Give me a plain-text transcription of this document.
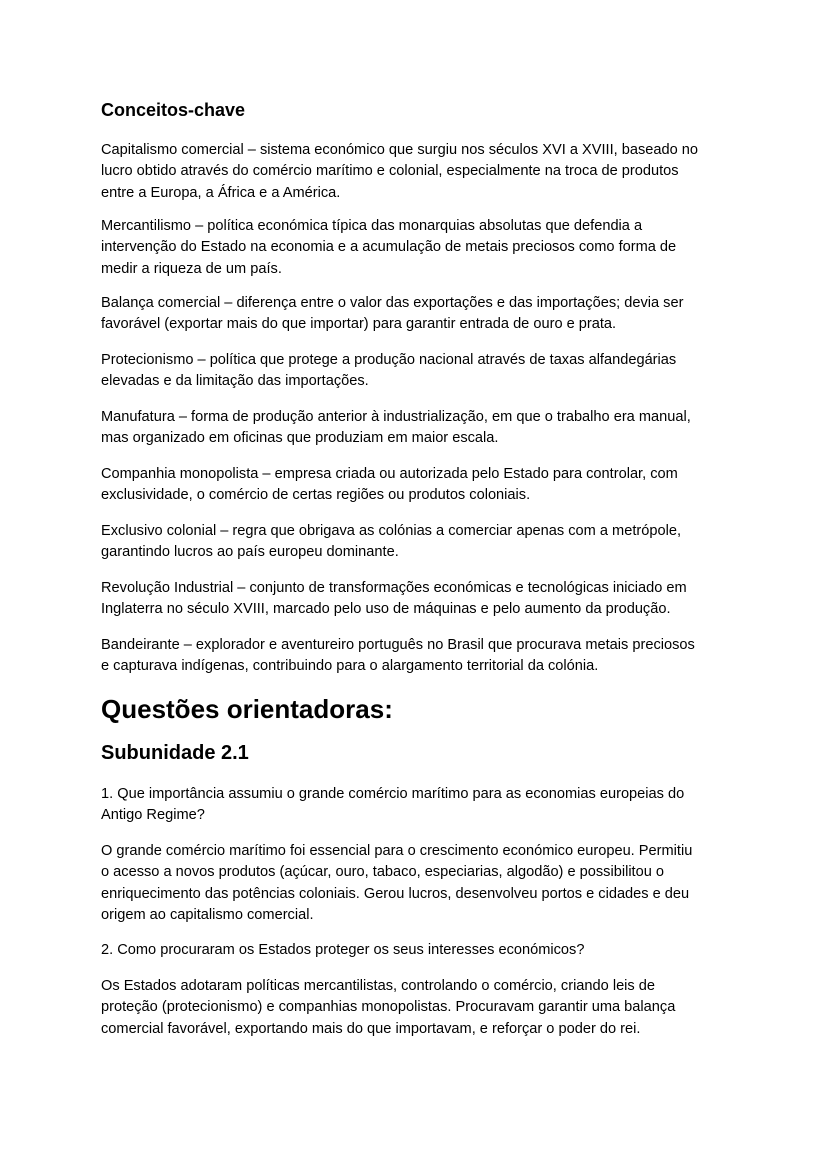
Conceitos-chave
Capitalismo comercial – sistema económico que surgiu nos séculos XVI a XVIII, baseado no
lucro obtido através do comércio marítimo e colonial, especialmente na troca de produtos
entre a Europa, a África e a América.
Mercantilismo – política económica típica das monarquias absolutas que defendia a
intervenção do Estado na economia e a acumulação de metais preciosos como forma de
medir a riqueza de um país.
Balança comercial – diferença entre o valor das exportações e das importações; devia ser
favorável (exportar mais do que importar) para garantir entrada de ouro e prata.
Protecionismo – política que protege a produção nacional através de taxas alfandegárias
elevadas e da limitação das importações.
Manufatura – forma de produção anterior à industrialização, em que o trabalho era manual,
mas organizado em oficinas que produziam em maior escala.
Companhia monopolista – empresa criada ou autorizada pelo Estado para controlar, com
exclusividade, o comércio de certas regiões ou produtos coloniais.
Exclusivo colonial – regra que obrigava as colónias a comerciar apenas com a metrópole,
garantindo lucros ao país europeu dominante.
Revolução Industrial – conjunto de transformações económicas e tecnológicas iniciado em
Inglaterra no século XVIII, marcado pelo uso de máquinas e pelo aumento da produção.
Bandeirante – explorador e aventureiro português no Brasil que procurava metais preciosos
e capturava indígenas, contribuindo para o alargamento territorial da colónia.
Questões orientadoras:
Subunidade 2.1
1. Que importância assumiu o grande comércio marítimo para as economias europeias do
Antigo Regime?
O grande comércio marítimo foi essencial para o crescimento económico europeu. Permitiu
o acesso a novos produtos (açúcar, ouro, tabaco, especiarias, algodão) e possibilitou o
enriquecimento das potências coloniais. Gerou lucros, desenvolveu portos e cidades e deu
origem ao capitalismo comercial.
2. Como procuraram os Estados proteger os seus interesses económicos?
Os Estados adotaram políticas mercantilistas, controlando o comércio, criando leis de
proteção (protecionismo) e companhias monopolistas. Procuravam garantir uma balança
comercial favorável, exportando mais do que importavam, e reforçar o poder do rei.
